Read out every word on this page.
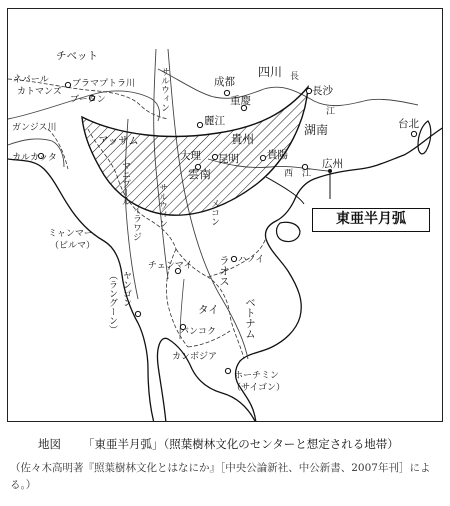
チベット
四川
成都
重慶
長
江
長沙
湖南	台北
麗江
貴州
貴陽
大理 昆明
雲南
広州
西　江
ネパール
カトマンズ
ブラマプトラ川
ブータン	サルウィン
アッサム
ガンジス川
カルカッタ
マニプール
イラワジ サルウィン
ミャンマー
（ビルマ）
チェンマイ ラオス ハノイ
ヤンゴン
（ラングーン）	タイ
バンコク	ベトナム
カンボジア
ホーチミン
（サイゴン）
メコン	東亜半月弧
地図 「東亜半月弧」（照葉樹林文化のセンターと想定される地帯）
（佐々木高明著『照葉樹林文化とはなにか』［中央公論新社、中公新書、2007年刊］による。）
